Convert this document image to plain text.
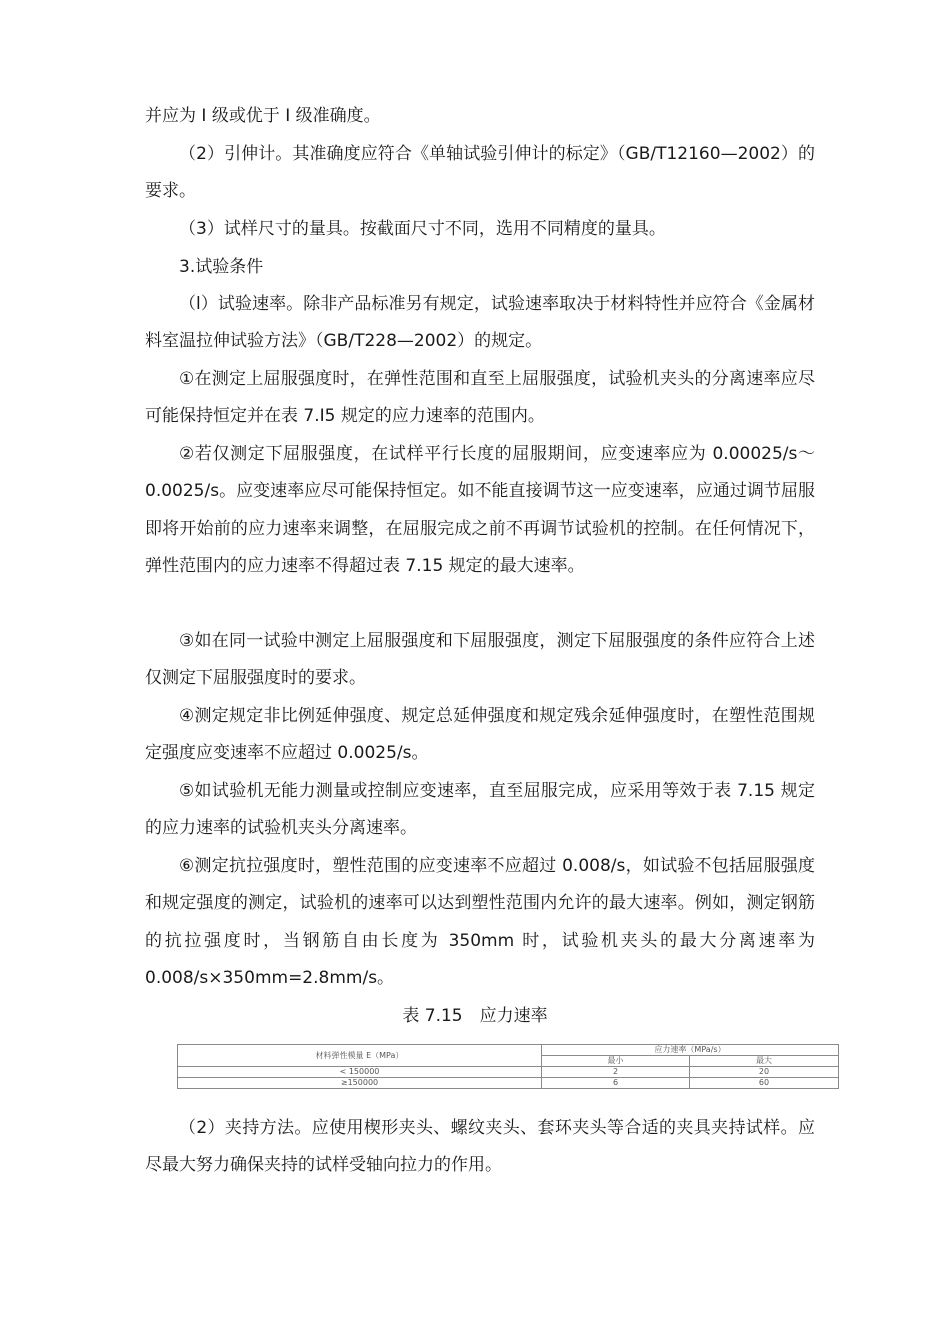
并应为 I 级或优于 I 级准确度。

（2）引伸计。其准确度应符合《单轴试验引伸计的标定》（GB/T12160—2002）的要求。

（3）试样尺寸的量具。按截面尺寸不同，选用不同精度的量具。

3.试验条件

（l）试验速率。除非产品标准另有规定，试验速率取决于材料特性并应符合《金属材料室温拉伸试验方法》（GB/T228—2002）的规定。

①在测定上屈服强度时，在弹性范围和直至上屈服强度，试验机夹头的分离速率应尽可能保持恒定并在表 7.I5 规定的应力速率的范围内。

②若仅测定下屈服强度，在试样平行长度的屈服期间，应变速率应为 0.00025/s～0.0025/s。应变速率应尽可能保持恒定。如不能直接调节这一应变速率，应通过调节屈服即将开始前的应力速率来调整，在屈服完成之前不再调节试验机的控制。在任何情况下，弹性范围内的应力速率不得超过表 7.15 规定的最大速率。

③如在同一试验中测定上屈服强度和下屈服强度，测定下屈服强度的条件应符合上述仅测定下屈服强度时的要求。

④测定规定非比例延伸强度、规定总延伸强度和规定残余延伸强度时，在塑性范围规定强度应变速率不应超过 0.0025/s。

⑤如试验机无能力测量或控制应变速率，直至屈服完成，应采用等效于表 7.15 规定的应力速率的试验机夹头分离速率。

⑥测定抗拉强度时，塑性范围的应变速率不应超过 0.008/s，如试验不包括屈服强度和规定强度的测定，试验机的速率可以达到塑性范围内允许的最大速率。例如，测定钢筋的抗拉强度时，当钢筋自由长度为 350mm 时，试验机夹头的最大分离速率为 0.008/s×350mm=2.8mm/s。

表 7.15　应力速率
材料弹性模量 E（MPa）	应力速率（MPa/s）	
	最小	最大
< 150000	2	20
≥150000	6	60

（2）夹持方法。应使用楔形夹头、螺纹夹头、套环夹头等合适的夹具夹持试样。应尽最大努力确保夹持的试样受轴向拉力的作用。
